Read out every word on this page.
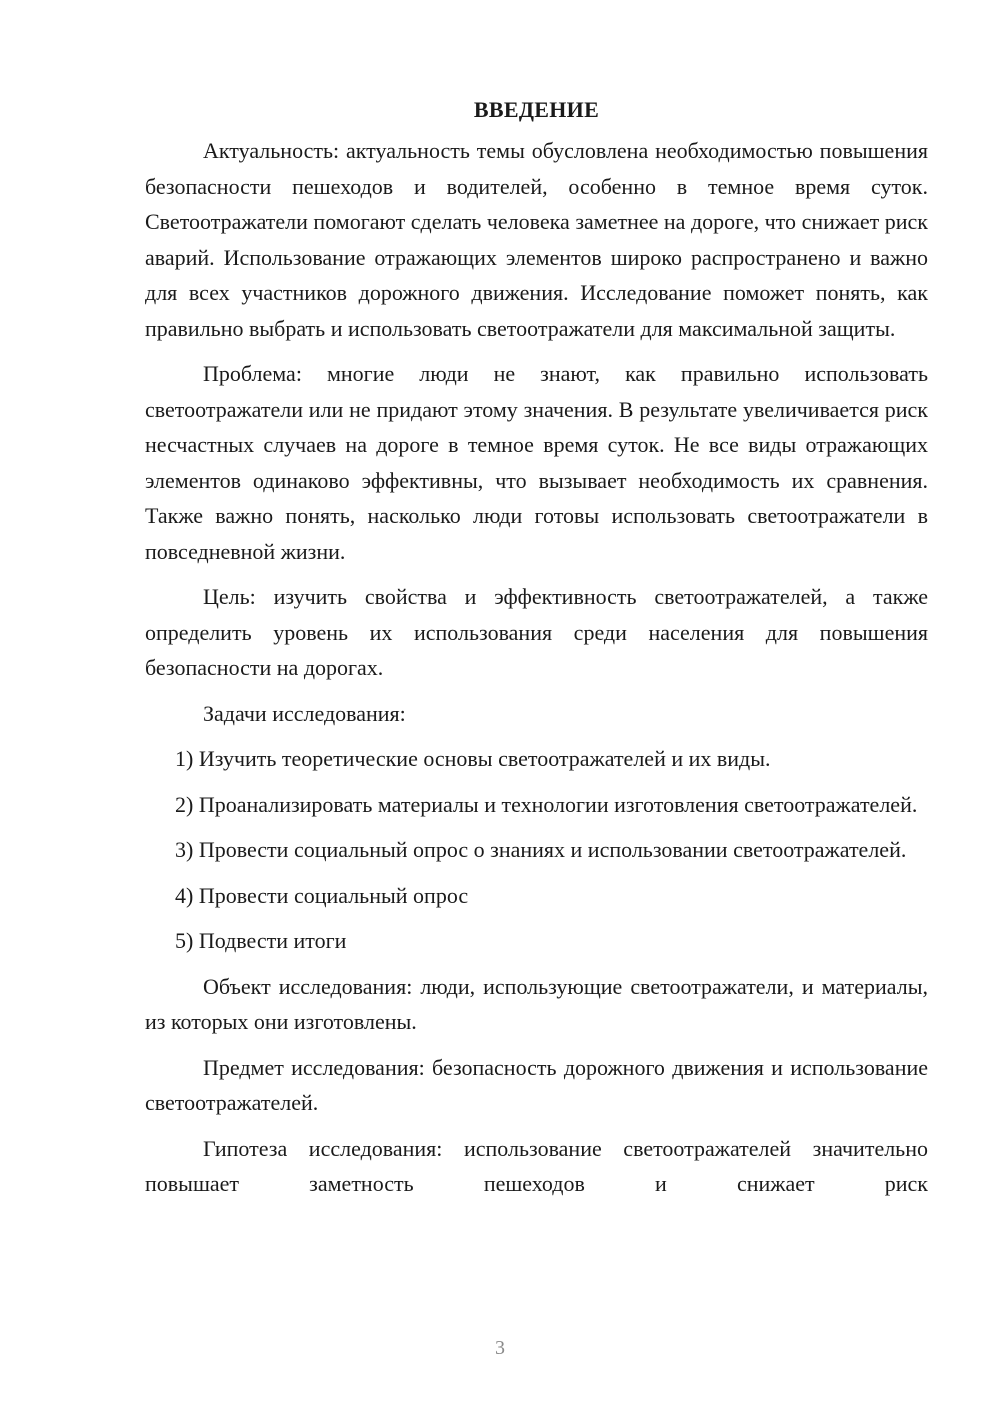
ВВЕДЕНИЕ

Актуальность: актуальность темы обусловлена необходимостью повышения безопасности пешеходов и водителей, особенно в темное время суток. Светоотражатели помогают сделать человека заметнее на дороге, что снижает риск аварий. Использование отражающих элементов широко распространено и важно для всех участников дорожного движения. Исследование поможет понять, как правильно выбрать и использовать светоотражатели для максимальной защиты.

Проблема: многие люди не знают, как правильно использовать светоотражатели или не придают этому значения. В результате увеличивается риск несчастных случаев на дороге в темное время суток. Не все виды отражающих элементов одинаково эффективны, что вызывает необходимость их сравнения. Также важно понять, насколько люди готовы использовать светоотражатели в повседневной жизни.

Цель: изучить свойства и эффективность светоотражателей, а также определить уровень их использования среди населения для повышения безопасности на дорогах.

Задачи исследования:

1) Изучить теоретические основы светоотражателей и их виды.

2) Проанализировать материалы и технологии изготовления светоотражателей.

3) Провести социальный опрос о знаниях и использовании светоотражателей.

4) Провести социальный опрос

5) Подвести итоги

Объект исследования: люди, использующие светоотражатели, и материалы, из которых они изготовлены.

Предмет исследования: безопасность дорожного движения и использование светоотражателей.

Гипотеза исследования: использование светоотражателей значительно повышает заметность пешеходов и снижает риск

3
